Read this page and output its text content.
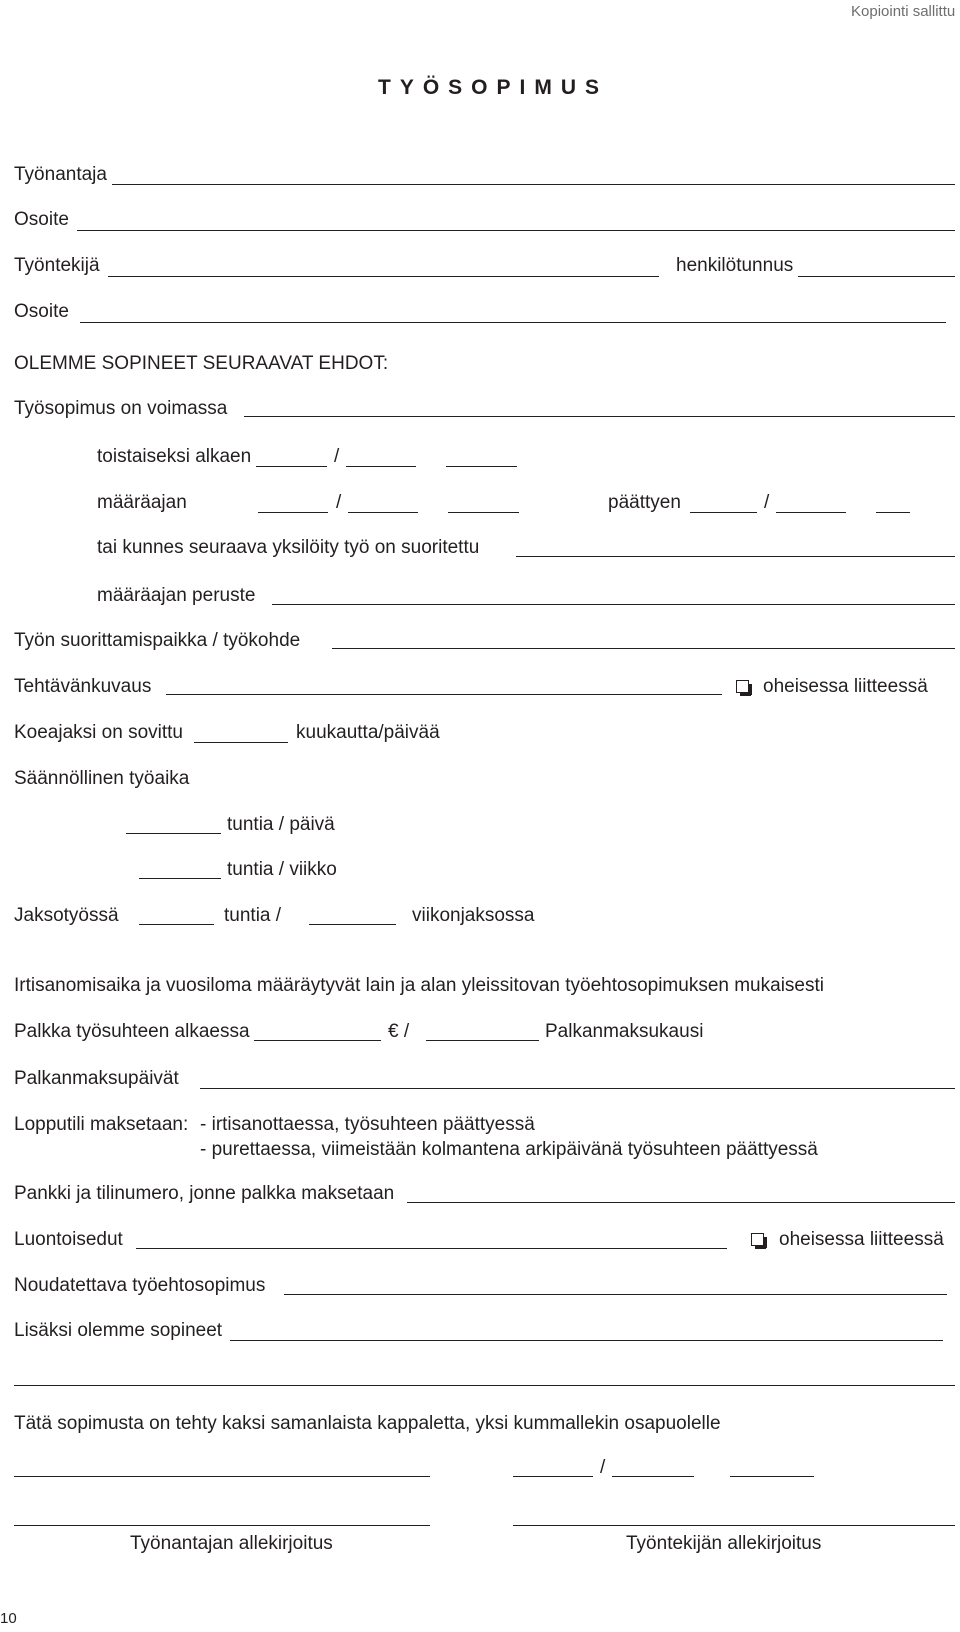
Kopiointi sallittu
TYÖSOPIMUS
Työnantaja
Osoite
Työntekijä	henkilötunnus
Osoite
OLEMME SOPINEET SEURAAVAT EHDOT:
Työsopimus on voimassa
toistaiseksi alkaen	/
määräajan	/	päättyen	/
tai kunnes seuraava yksilöity työ on suoritettu
määräajan peruste
Työn suorittamispaikka / työkohde
Tehtävänkuvaus	oheisessa liitteessä
Koeajaksi on sovittu	kuukautta/päivää
Säännöllinen työaika
tuntia / päivä
tuntia / viikko
Jaksotyössä	tuntia /	viikonjaksossa
Irtisanomisaika ja vuosiloma määräytyvät lain ja alan yleissitovan työehtosopimuksen mukaisesti
Palkka työsuhteen alkaessa	€ /	Palkanmaksukausi
Palkanmaksupäivät
Lopputili maksetaan: - irtisanottaessa, työsuhteen päättyessä
- purettaessa, viimeistään kolmantena arkipäivänä työsuhteen päättyessä
Pankki ja tilinumero, jonne palkka maksetaan
Luontoisedut	oheisessa liitteessä
Noudatettava työehtosopimus
Lisäksi olemme sopineet
Tätä sopimusta on tehty kaksi samanlaista kappaletta, yksi kummallekin osapuolelle
/
Työnantajan allekirjoitus	Työntekijän allekirjoitus
10
